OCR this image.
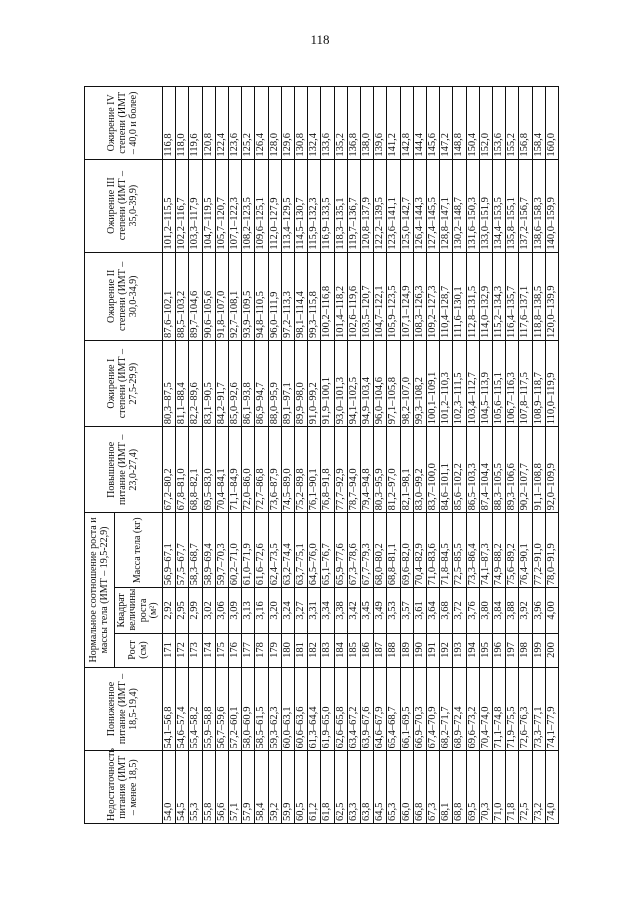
118
Недостаточность питания (ИМТ – менее 18,5)	Пониженное питание (ИМТ – 18,5-19,4)	Нормальное соотношение роста и массы тела (ИМТ – 19,5-22,9)			Повышенное питание (ИМТ – 23,0-27,4)	Ожирение I степени (ИМТ – 27,5-29,9)	Ожирение II степени (ИМТ – 30,0-34,9)	Ожирение III степени (ИМТ – 35,0-39,9)	Ожирение IV степени (ИМТ – 40,0 и более)
		Рост (см)	Квадрат величины роста (м²)	Масса тела (кг)					
54,0	54,1–56,8	171	2,92	56,9–67,1	67,2–80,2	80,3–87,5	87,6–102,1	101,2–115,5	116,8
54,5	54,6–57,4	172	2,95	57,5–67,7	67,8–81,0	81,1–88,4	88,5–103,2	102,2–116,7	118,0
55,3	55,4–58,2	173	2,99	58,3–68,7	68,8–82,1	82,2–89,6	89,7–104,6	103,3–117,9	119,6
55,8	55,9–58,8	174	3,02	58,9–69,4	69,5–83,0	83,1–90,5	90,6–105,6	104,7–119,5	120,8
56,6	56,7–59,6	175	3,06	59,7–70,3	70,4–84,1	84,2–91,7	91,8–107,0	105,7–120,7	122,4
57,1	57,2–60,1	176	3,09	60,2–71,0	71,1–84,9	85,0–92,6	92,7–108,1	107,1–122,3	123,6
57,9	58,0–60,9	177	3,13	61,0–71,9	72,0–86,0	86,1–93,8	93,9–109,5	108,2–123,5	125,2
58,4	58,5–61,5	178	3,16	61,6–72,6	72,7–86,8	86,9–94,7	94,8–110,5	109,6–125,1	126,4
59,2	59,3–62,3	179	3,20	62,4–73,5	73,6–87,9	88,0–95,9	96,0–111,9	112,0–127,9	128,0
59,9	60,0–63,1	180	3,24	63,2–74,4	74,5–89,0	89,1–97,1	97,2–113,3	113,4–129,5	129,6
60,5	60,6–63,6	181	3,27	63,7–75,1	75,2–89,8	89,9–98,0	98,1–114,4	114,5–130,7	130,8
61,2	61,3–64,4	182	3,31	64,5–76,0	76,1–90,1	91,0–99,2	99,3–115,8	115,9–132,3	132,4
61,8	61,9–65,0	183	3,34	65,1–76,7	76,8–91,8	91,9–100,1	100,2–116,8	116,9–133,5	133,6
62,5	62,6–65,8	184	3,38	65,9–77,6	77,7–92,9	93,0–101,3	101,4–118,2	118,3–135,1	135,2
63,3	63,4–67,2	185	3,42	67,3–78,6	78,7–94,0	94,1–102,5	102,6–119,6	119,7–136,7	136,8
63,8	63,9–67,6	186	3,45	67,7–79,3	79,4–94,8	94,9–103,4	103,5–120,7	120,8–137,9	138,0
64,5	64,6–67,9	187	3,49	68,0–80,2	80,3–95,9	96,0–104,6	104,7–122,1	122,2–139,5	139,6
65,3	65,4–68,7	188	3,53	68,8–81,1	81,2–97,0	97,1–105,8	105,9–123,5	123,6–141,1	141,2
66,0	66,1–69,5	189	3,57	69,6–82,0	82,1–98,1	98,2–107,0	107,1–124,9	125,0–142,7	142,8
66,8	66,9–70,3	190	3,61	70,4–82,9	83,0–99,2	99,3–108,2	108,3–126,3	126,4–144,3	144,4
67,3	67,4–70,9	191	3,64	71,0–83,6	83,7–100,0	100,1–109,1	109,2–127,3	127,4–145,5	145,6
68,1	68,2–71,7	192	3,68	71,8–84,5	84,6–101,1	101,2–110,3	110,4–128,7	128,8–147,1	147,2
68,8	68,9–72,4	193	3,72	72,5–85,5	85,6–102,2	102,3–111,5	111,6–130,1	130,2–148,7	148,8
69,5	69,6–73,2	194	3,76	73,3–86,4	86,5–103,3	103,4–112,7	112,8–131,5	131,6–150,3	150,4
70,3	70,4–74,0	195	3,80	74,1–87,3	87,4–104,4	104,5–113,9	114,0–132,9	133,0–151,9	152,0
71,0	71,1–74,8	196	3,84	74,9–88,2	88,3–105,5	105,6–115,1	115,2–134,3	134,4–153,5	153,6
71,8	71,9–75,5	197	3,88	75,6–89,2	89,3–106,6	106,7–116,3	116,4–135,7	135,8–155,1	155,2
72,5	72,6–76,3	198	3,92	76,4–90,1	90,2–107,7	107,8–117,5	117,6–137,1	137,2–156,7	156,8
73,2	73,3–77,1	199	3,96	77,2–91,0	91,1–108,8	108,9–118,7	118,8–138,5	138,6–158,3	158,4
74,0	74,1–77,9	200	4,00	78,0–91,9	92,0–109,9	110,0–119,9	120,0–139,9	140,0–159,9	160,0
